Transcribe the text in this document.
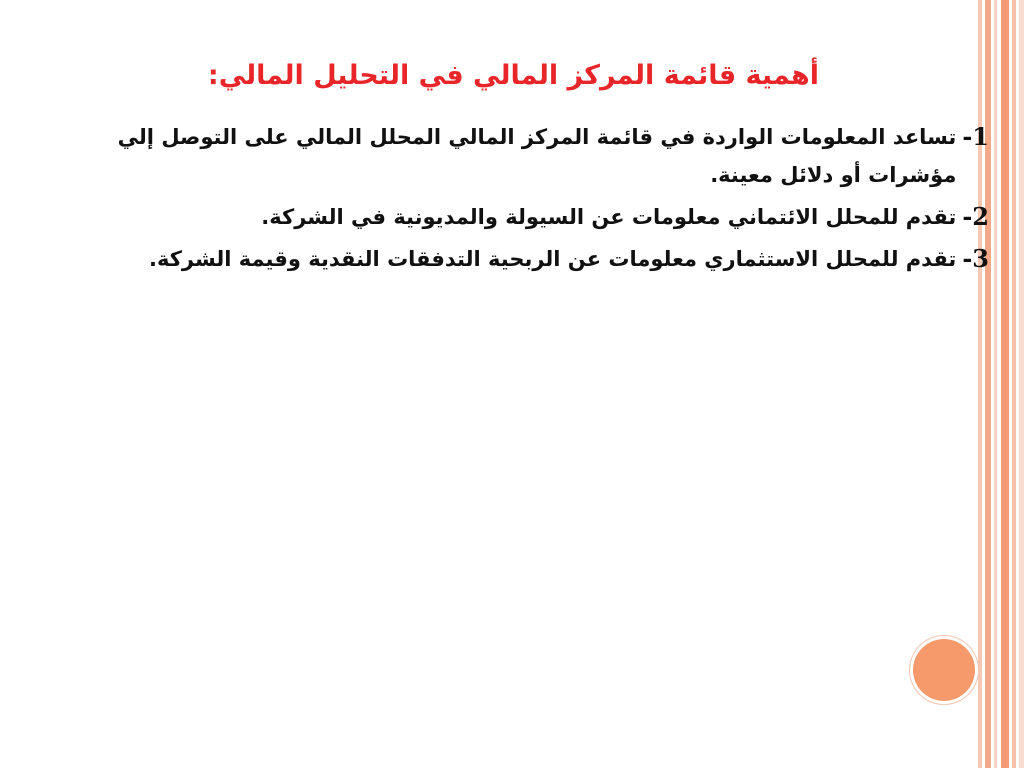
أهمية قائمة المركز المالي في التحليل المالي:
1-
تساعد المعلومات الواردة في قائمة المركز المالي المحلل المالي على التوصل إلي مؤشرات أو دلائل معينة.
2-
تقدم للمحلل الائتماني معلومات عن السيولة والمديونية في الشركة.
3-
تقدم للمحلل الاستثماري معلومات عن الربحية التدفقات النقدية وقيمة الشركة.
